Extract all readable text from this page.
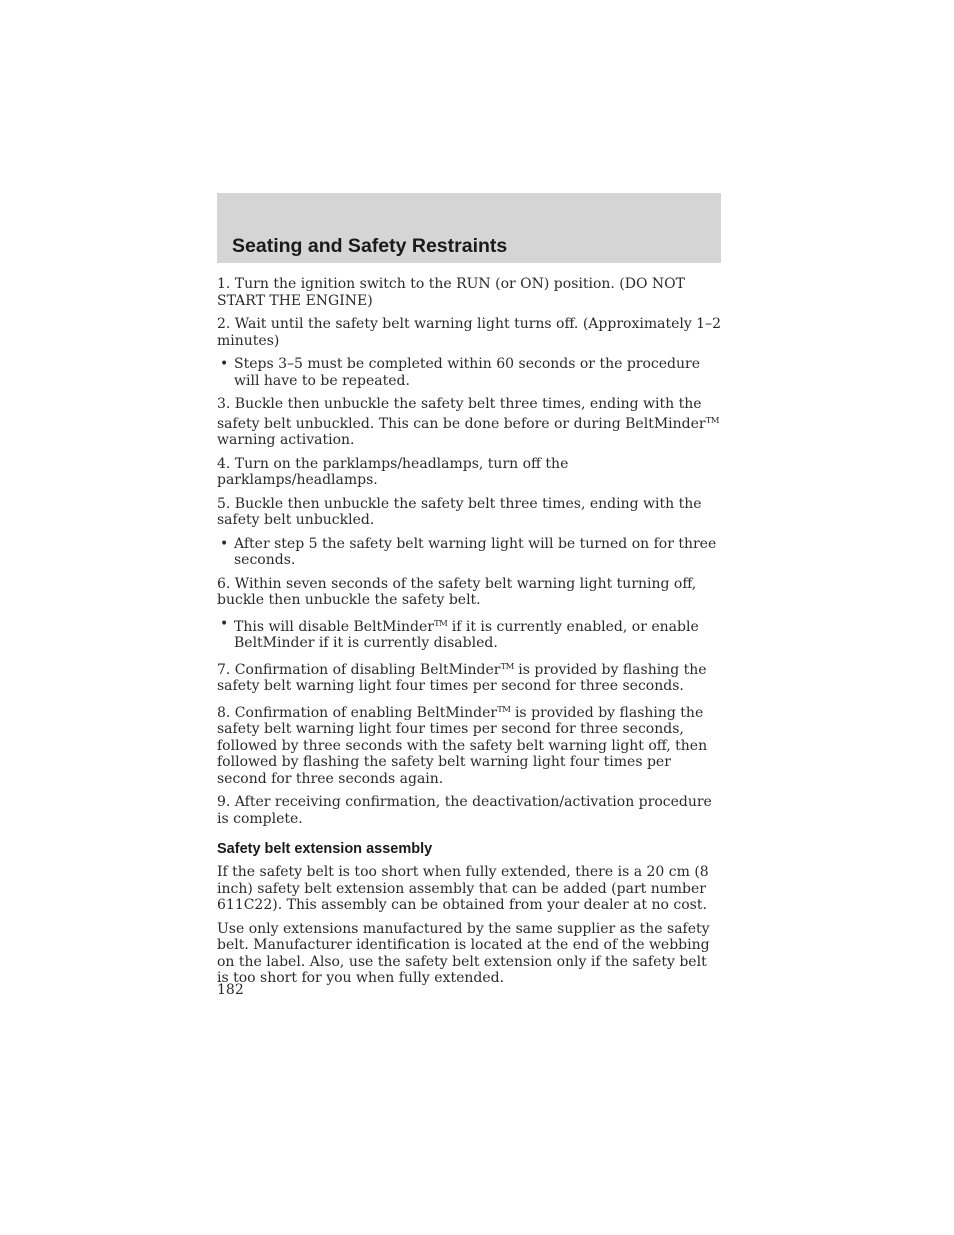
Seating and Safety Restraints

1. Turn the ignition switch to the RUN (or ON) position. (DO NOT START THE ENGINE)

2. Wait until the safety belt warning light turns off. (Approximately 1–2 minutes)

• Steps 3–5 must be completed within 60 seconds or the procedure will have to be repeated.

3. Buckle then unbuckle the safety belt three times, ending with the safety belt unbuckled. This can be done before or during BeltMinder™ warning activation.

4. Turn on the parklamps/headlamps, turn off the parklamps/headlamps.

5. Buckle then unbuckle the safety belt three times, ending with the safety belt unbuckled.

• After step 5 the safety belt warning light will be turned on for three seconds.

6. Within seven seconds of the safety belt warning light turning off, buckle then unbuckle the safety belt.

• This will disable BeltMinder™ if it is currently enabled, or enable BeltMinder if it is currently disabled.

7. Confirmation of disabling BeltMinder™ is provided by flashing the safety belt warning light four times per second for three seconds.

8. Confirmation of enabling BeltMinder™ is provided by flashing the safety belt warning light four times per second for three seconds, followed by three seconds with the safety belt warning light off, then followed by flashing the safety belt warning light four times per second for three seconds again.

9. After receiving confirmation, the deactivation/activation procedure is complete.

Safety belt extension assembly

If the safety belt is too short when fully extended, there is a 20 cm (8 inch) safety belt extension assembly that can be added (part number 611C22). This assembly can be obtained from your dealer at no cost.

Use only extensions manufactured by the same supplier as the safety belt. Manufacturer identification is located at the end of the webbing on the label. Also, use the safety belt extension only if the safety belt is too short for you when fully extended.

182
